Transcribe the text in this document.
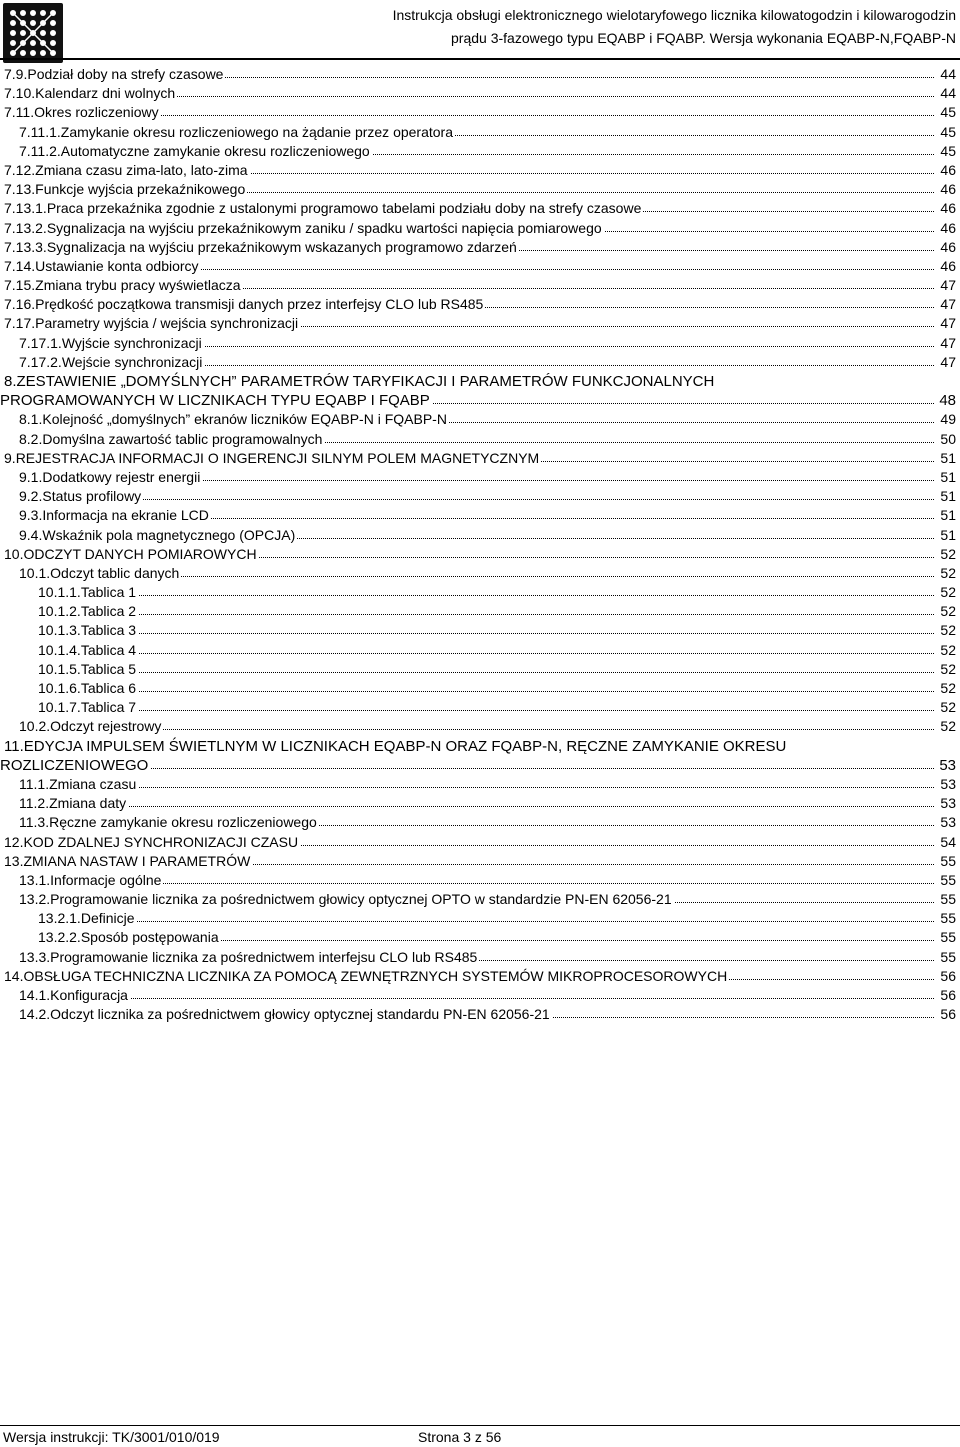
Instrukcja obsługi elektronicznego wielotaryfowego licznika kilowatogodzin i kilowarogodzin
prądu 3-fazowego typu EQABP i FQABP. Wersja wykonania EQABP-N,FQABP-N
7.9.Podział doby na strefy czasowe	44
7.10.Kalendarz dni wolnych	44
7.11.Okres rozliczeniowy	45
7.11.1.Zamykanie okresu rozliczeniowego na żądanie przez operatora	45
7.11.2.Automatyczne zamykanie okresu rozliczeniowego	45
7.12.Zmiana czasu zima-lato, lato-zima	46
7.13.Funkcje wyjścia przekaźnikowego	46
7.13.1.Praca przekaźnika zgodnie z ustalonymi programowo tabelami podziału doby na strefy czasowe	46
7.13.2.Sygnalizacja na wyjściu przekaźnikowym zaniku / spadku wartości napięcia pomiarowego	46
7.13.3.Sygnalizacja na wyjściu przekaźnikowym wskazanych programowo zdarzeń	46
7.14.Ustawianie konta odbiorcy	46
7.15.Zmiana trybu pracy wyświetlacza	47
7.16.Prędkość początkowa transmisji danych przez interfejsy CLO lub RS485	47
7.17.Parametry wyjścia / wejścia synchronizacji	47
7.17.1.Wyjście synchronizacji	47
7.17.2.Wejście synchronizacji	47
8.ZESTAWIENIE „DOMYŚLNYCH” PARAMETRÓW TARYFIKACJI I PARAMETRÓW FUNKCJONALNYCH
PROGRAMOWANYCH W LICZNIKACH TYPU EQABP I FQABP	48
8.1.Kolejność „domyślnych” ekranów liczników EQABP-N i FQABP-N	49
8.2.Domyślna zawartość tablic programowalnych	50
9.REJESTRACJA INFORMACJI O INGERENCJI SILNYM POLEM MAGNETYCZNYM	51
9.1.Dodatkowy rejestr energii	51
9.2.Status profilowy	51
9.3.Informacja na ekranie LCD	51
9.4.Wskaźnik pola magnetycznego (OPCJA)	51
10.ODCZYT DANYCH POMIAROWYCH	52
10.1.Odczyt tablic danych	52
10.1.1.Tablica 1	52
10.1.2.Tablica 2	52
10.1.3.Tablica 3	52
10.1.4.Tablica 4	52
10.1.5.Tablica 5	52
10.1.6.Tablica 6	52
10.1.7.Tablica 7	52
10.2.Odczyt rejestrowy	52
11.EDYCJA IMPULSEM ŚWIETLNYM W LICZNIKACH EQABP-N ORAZ FQABP-N, RĘCZNE ZAMYKANIE OKRESU
ROZLICZENIOWEGO	53
11.1.Zmiana czasu	53
11.2.Zmiana daty	53
11.3.Ręczne zamykanie okresu rozliczeniowego	53
12.KOD ZDALNEJ SYNCHRONIZACJI CZASU	54
13.ZMIANA NASTAW I PARAMETRÓW	55
13.1.Informacje ogólne	55
13.2.Programowanie licznika za pośrednictwem głowicy optycznej OPTO w standardzie PN-EN 62056-21	55
13.2.1.Definicje	55
13.2.2.Sposób postępowania	55
13.3.Programowanie licznika za pośrednictwem interfejsu CLO lub RS485	55
14.OBSŁUGA TECHNICZNA LICZNIKA ZA POMOCĄ ZEWNĘTRZNYCH SYSTEMÓW MIKROPROCESOROWYCH	56
14.1.Konfiguracja	56
14.2.Odczyt licznika za pośrednictwem głowicy optycznej standardu PN-EN 62056-21	56
Wersja instrukcji: TK/3001/010/019	Strona 3 z 56
